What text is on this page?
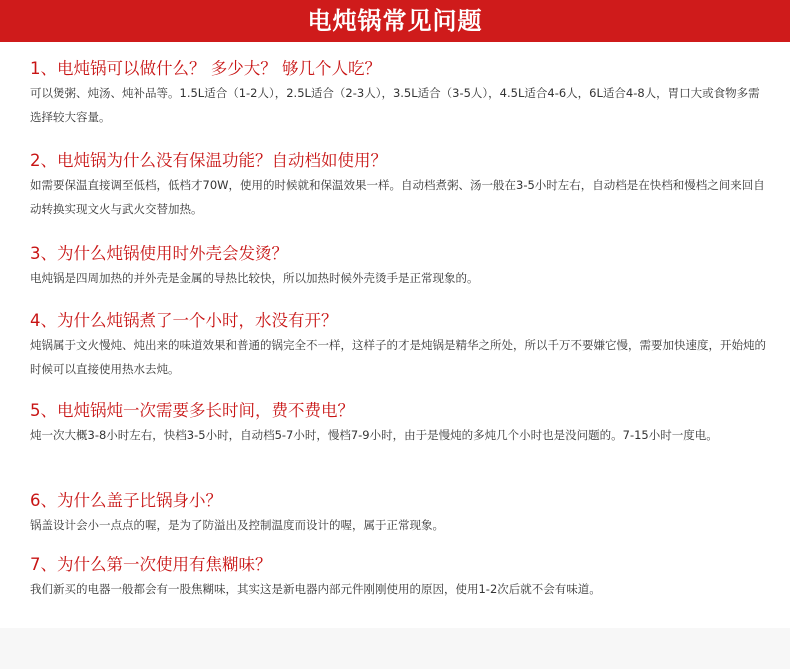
电炖锅常见问题
1、电炖锅可以做什么？ 多少大？ 够几个人吃？
可以煲粥、炖汤、炖补品等。1.5L适合（1-2人），2.5L适合（2-3人），3.5L适合（3-5人），4.5L适合4-6人，6L适合4-8人，胃口大或食物多需选择较大容量。
2、电炖锅为什么没有保温功能？自动档如使用？
如需要保温直接调至低档，低档才70W，使用的时候就和保温效果一样。自动档煮粥、汤一般在3-5小时左右，自动档是在快档和慢档之间来回自动转换实现文火与武火交替加热。
3、为什么炖锅使用时外壳会发烫？
电炖锅是四周加热的并外壳是金属的导热比较快，所以加热时候外壳烫手是正常现象的。
4、为什么炖锅煮了一个小时，水没有开？
炖锅属于文火慢炖、炖出来的味道效果和普通的锅完全不一样，这样子的才是炖锅是精华之所处，所以千万不要嫌它慢，需要加快速度，开始炖的时候可以直接使用热水去炖。
5、电炖锅炖一次需要多长时间，费不费电？
炖一次大概3-8小时左右，快档3-5小时，自动档5-7小时，慢档7-9小时，由于是慢炖的多炖几个小时也是没问题的。7-15小时一度电。
6、为什么盖子比锅身小？
锅盖设计会小一点点的喔，是为了防溢出及控制温度而设计的喔，属于正常现象。
7、为什么第一次使用有焦糊味？
我们新买的电器一般都会有一股焦糊味，其实这是新电器内部元件刚刚使用的原因，使用1-2次后就不会有味道。
